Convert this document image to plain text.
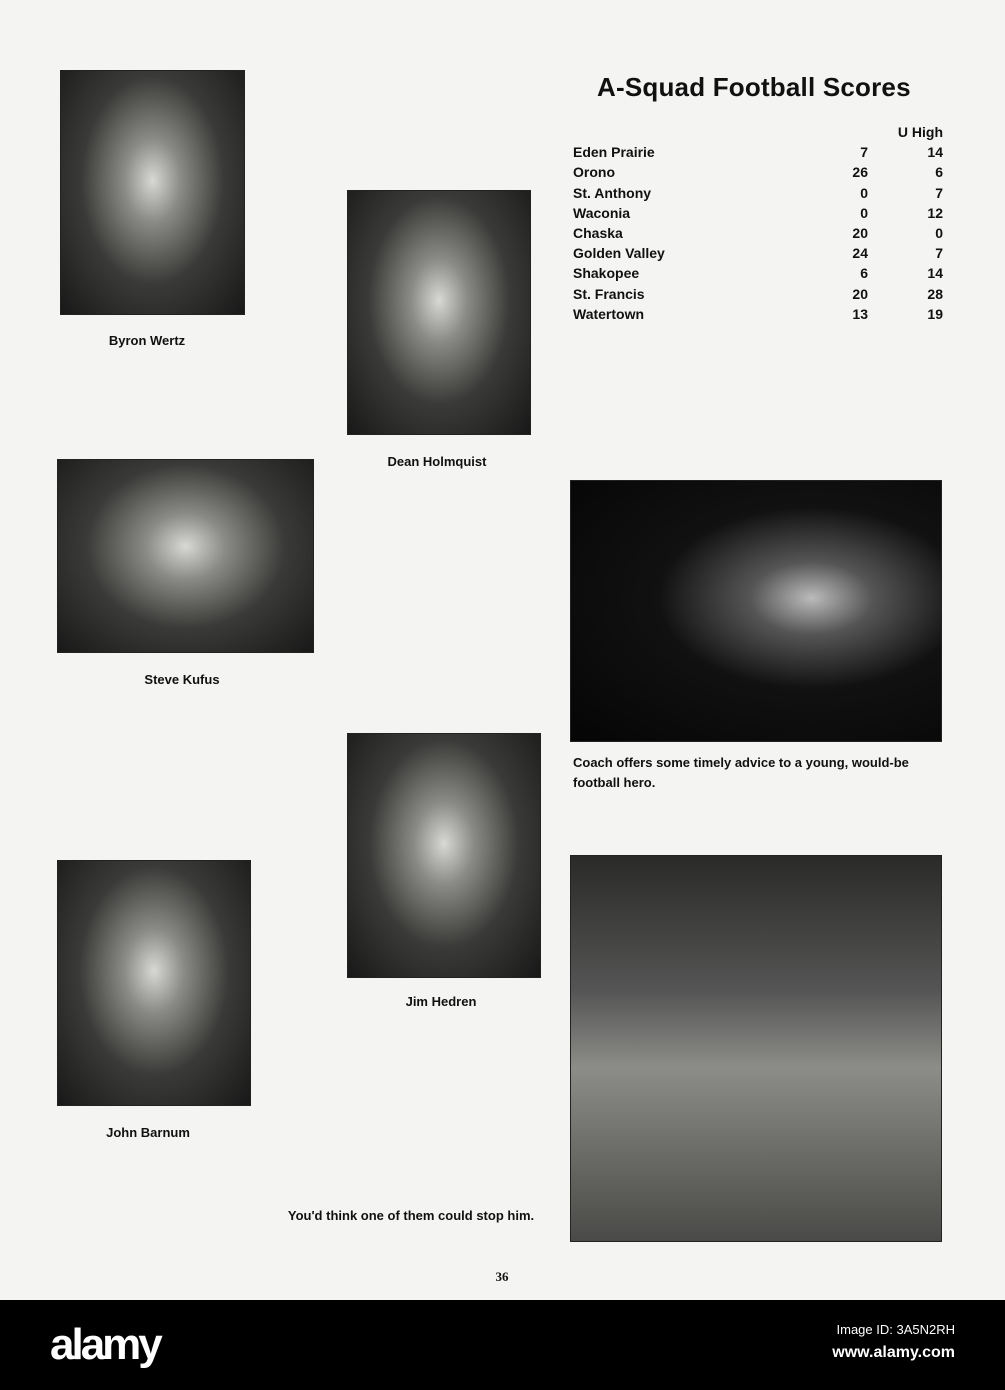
Byron Wertz
Dean Holmquist
Steve Kufus
Jim Hedren
John Barnum
A-Squad Football Scores
		U High
Eden Prairie	7	14
Orono	26	6
St. Anthony	0	7
Waconia	0	12
Chaska	20	0
Golden Valley	24	7
Shakopee	6	14
St. Francis	20	28
Watertown	13	19
Coach offers some timely advice to a young, would-be football hero.
You'd think one of them could stop him.
36
alamy	Image ID: 3A5N2RH
www.alamy.com
